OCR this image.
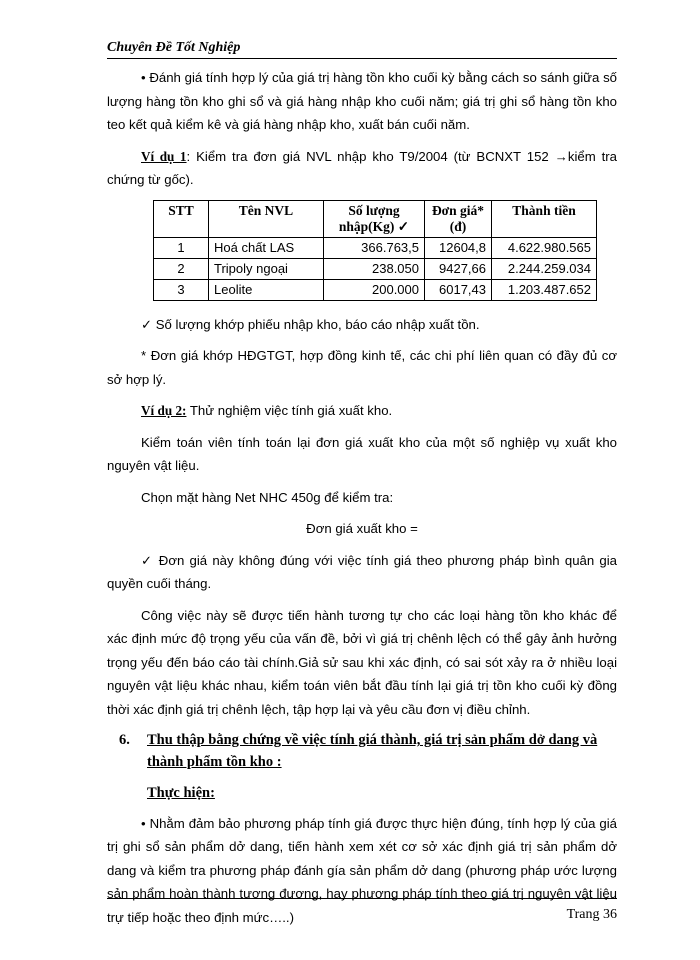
Chuyên Đề Tốt Nghiệp

• Đánh giá tính hợp lý của giá trị hàng tồn kho cuối kỳ bằng cách so sánh giữa số lượng hàng tồn kho ghi sổ và giá hàng nhập kho cuối năm; giá trị ghi sổ hàng tồn kho teo kết quả kiểm kê và giá hàng nhập kho, xuất bán cuối năm.

Ví dụ 1: Kiểm tra đơn giá NVL nhập kho T9/2004 (từ BCNXT 152 →kiểm tra chứng từ gốc).

STT	Tên NVL	Số lượng nhập(Kg) ✓	Đơn giá* (đ)	Thành tiền
1	Hoá chất LAS	366.763,5	12604,8	4.622.980.565
2	Tripoly ngoại	238.050	9427,66	2.244.259.034
3	Leolite	200.000	6017,43	1.203.487.652

✓ Số lượng khớp phiếu nhập kho, báo cáo nhập xuất tồn.

* Đơn giá khớp HĐGTGT, hợp đồng kinh tế, các chi phí liên quan có đầy đủ cơ sở hợp lý.

Ví dụ 2: Thử nghiệm việc tính giá xuất kho.

Kiểm toán viên tính toán lại đơn giá xuất kho của một số nghiệp vụ xuất kho nguyên vật liệu.

Chọn mặt hàng Net NHC 450g để kiểm tra:

Đơn giá xuất kho =

✓ Đơn giá này không đúng với việc tính giá theo phương pháp bình quân gia quyền cuối tháng.

Công việc này sẽ được tiến hành tương tự cho các loại hàng tồn kho khác để xác định mức độ trọng yếu của vấn đề, bởi vì giá trị chênh lệch có thể gây ảnh hưởng trọng yếu đến báo cáo tài chính.Giả sử sau khi xác định, có sai sót xảy ra ở nhiều loại nguyên vật liệu khác nhau, kiểm toán viên bắt đầu tính lại giá trị tồn kho cuối kỳ đồng thời xác định giá trị chênh lệch, tập hợp lại và yêu cầu đơn vị điều chỉnh.

6.	Thu thập bằng chứng về việc tính giá thành, giá trị sản phẩm dở dang và thành phẩm tồn kho :
Thực hiện:

• Nhằm đảm bảo phương pháp tính giá được thực hiện đúng, tính hợp lý của giá trị ghi sổ sản phẩm dở dang, tiến hành xem xét cơ sở xác định giá trị sản phẩm dở dang và kiểm tra phương pháp đánh gía sản phẩm dở dang (phương pháp ước lượng sản phẩm hoàn thành tương đương, hay phương pháp tính theo giá trị nguyên vật liệu trự tiếp hoặc theo định mức…..)	Trang 36
